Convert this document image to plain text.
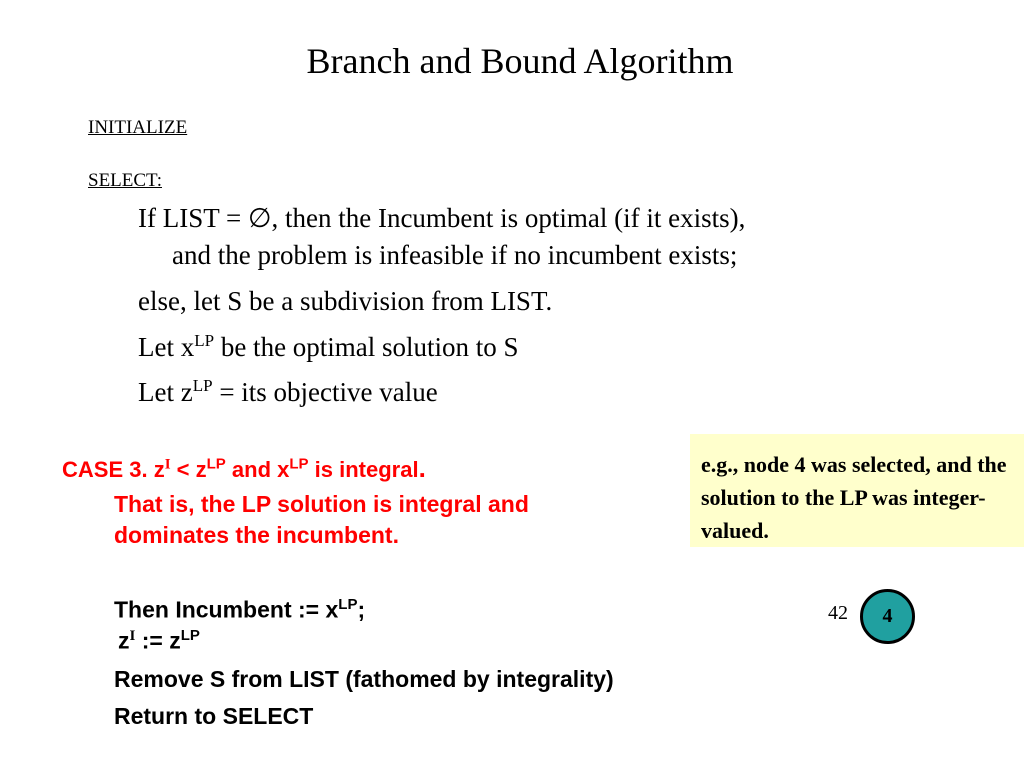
Branch and Bound Algorithm
INITIALIZE
SELECT:
If LIST = ∅, then the Incumbent is optimal (if it exists),
and the problem is infeasible if no incumbent exists;
else, let S be a subdivision from LIST.
Let $x^{LP}$ be the optimal solution to S
Let $z^{LP}$ = its objective value
CASE 3. $z^I < z^{LP}$ and $x^{LP}$ is integral.
That is, the LP solution is integral and
dominates the incumbent.
Then Incumbent := $x^{LP}$;
$z^I$ := $z^{LP}$
Remove S from LIST (fathomed by integrality)
Return to SELECT
e.g., node 4 was selected, and the solution to the LP was integer-valued.
42 4
